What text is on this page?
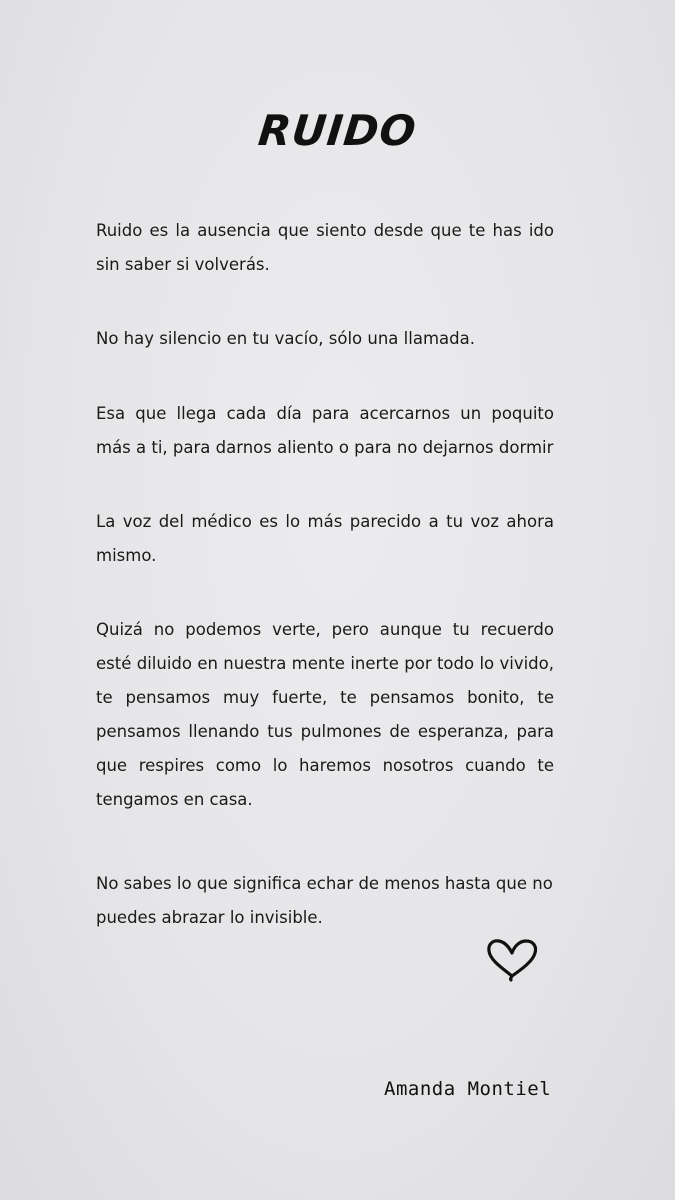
RUIDO

Ruido es la ausencia que siento desde que te has ido sin saber si volverás.

No hay silencio en tu vacío, sólo una llamada.

Esa que llega cada día para acercarnos un poquito más a ti, para darnos aliento o para no dejarnos dormir

La voz del médico es lo más parecido a tu voz ahora mismo.

Quizá no podemos verte, pero aunque tu recuerdo esté diluido en nuestra mente inerte por todo lo vivido, te pensamos muy fuerte, te pensamos bonito, te pensamos llenando tus pulmones de esperanza, para que respires como lo haremos nosotros cuando te tengamos en casa.

No sabes lo que significa echar de menos hasta que no puedes abrazar lo invisible.

Amanda Montiel
